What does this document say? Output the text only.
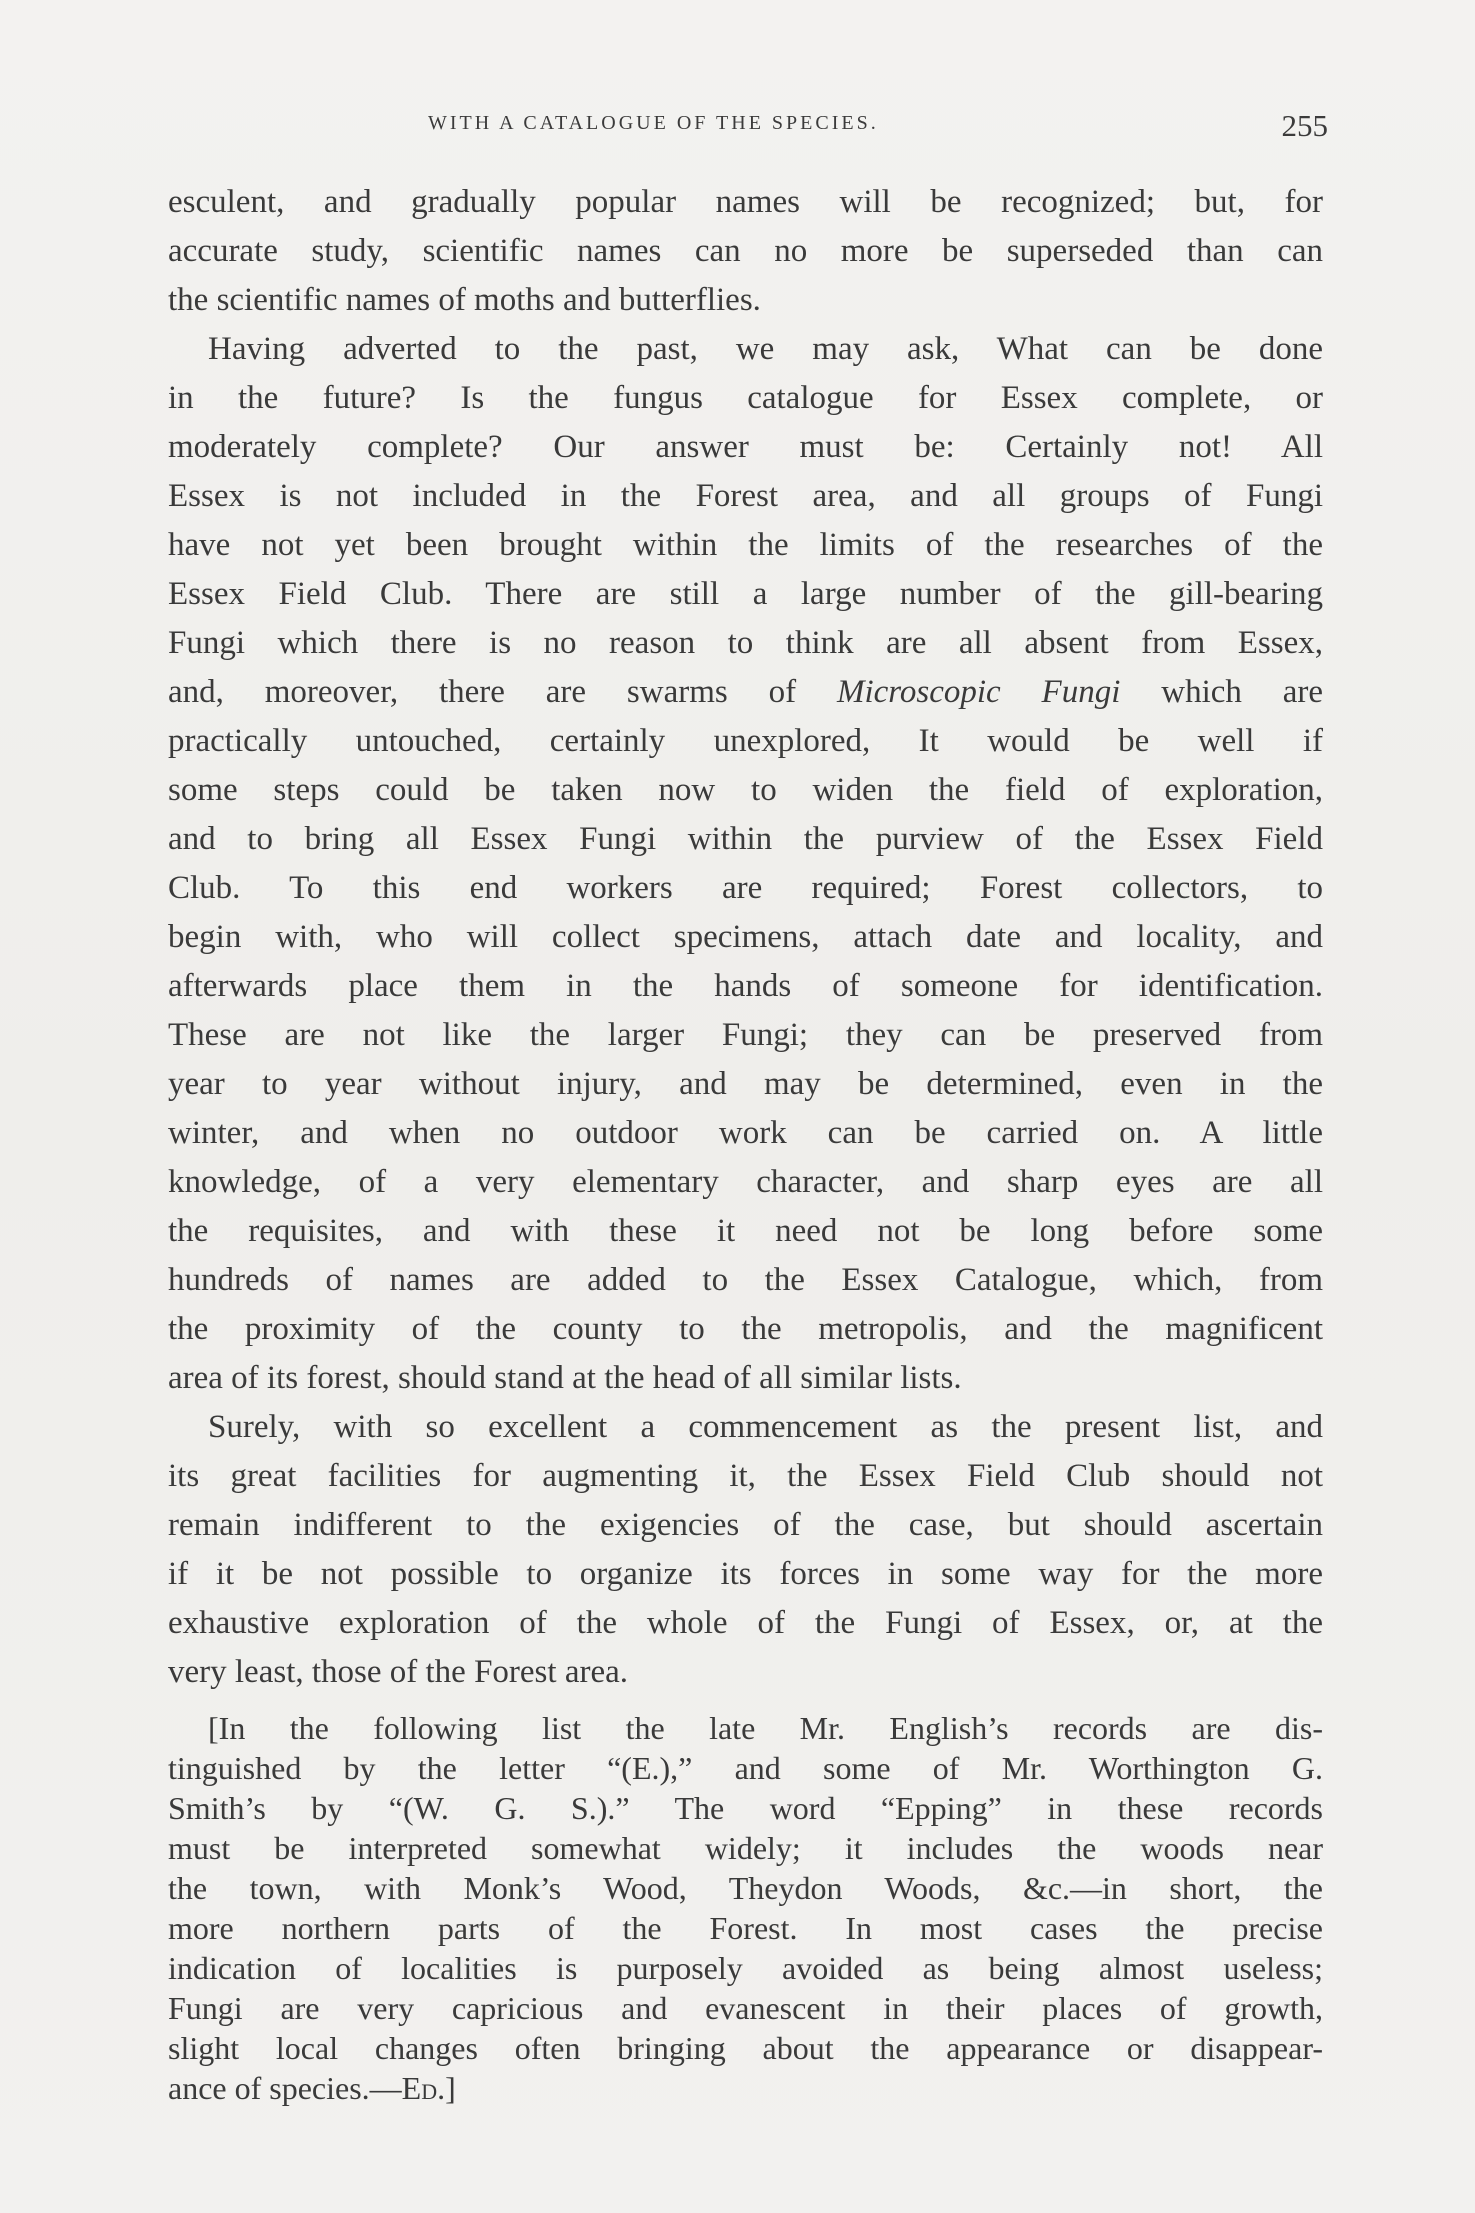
WITH A CATALOGUE OF THE SPECIES.	255
esculent, and gradually popular names will be recognized; but, for
accurate study, scientific names can no more be superseded than can
the scientific names of moths and butterflies.
Having adverted to the past, we may ask, What can be done
in the future? Is the fungus catalogue for Essex complete, or
moderately complete? Our answer must be: Certainly not! All
Essex is not included in the Forest area, and all groups of Fungi
have not yet been brought within the limits of the researches of the
Essex Field Club. There are still a large number of the gill-bearing
Fungi which there is no reason to think are all absent from Essex,
and, moreover, there are swarms of Microscopic Fungi which are
practically untouched, certainly unexplored, It would be well if
some steps could be taken now to widen the field of exploration,
and to bring all Essex Fungi within the purview of the Essex Field
Club. To this end workers are required; Forest collectors, to
begin with, who will collect specimens, attach date and locality, and
afterwards place them in the hands of someone for identification.
These are not like the larger Fungi; they can be preserved from
year to year without injury, and may be determined, even in the
winter, and when no outdoor work can be carried on. A little
knowledge, of a very elementary character, and sharp eyes are all
the requisites, and with these it need not be long before some
hundreds of names are added to the Essex Catalogue, which, from
the proximity of the county to the metropolis, and the magnificent
area of its forest, should stand at the head of all similar lists.
Surely, with so excellent a commencement as the present list, and
its great facilities for augmenting it, the Essex Field Club should not
remain indifferent to the exigencies of the case, but should ascertain
if it be not possible to organize its forces in some way for the more
exhaustive exploration of the whole of the Fungi of Essex, or, at the
very least, those of the Forest area.
[In the following list the late Mr. English’s records are dis-
tinguished by the letter “(E.),” and some of Mr. Worthington G.
Smith’s by “(W. G. S.).” The word “Epping” in these records
must be interpreted somewhat widely; it includes the woods near
the town, with Monk’s Wood, Theydon Woods, &c.—in short, the
more northern parts of the Forest. In most cases the precise
indication of localities is purposely avoided as being almost useless;
Fungi are very capricious and evanescent in their places of growth,
slight local changes often bringing about the appearance or disappear-
ance of species.—Ed.]
